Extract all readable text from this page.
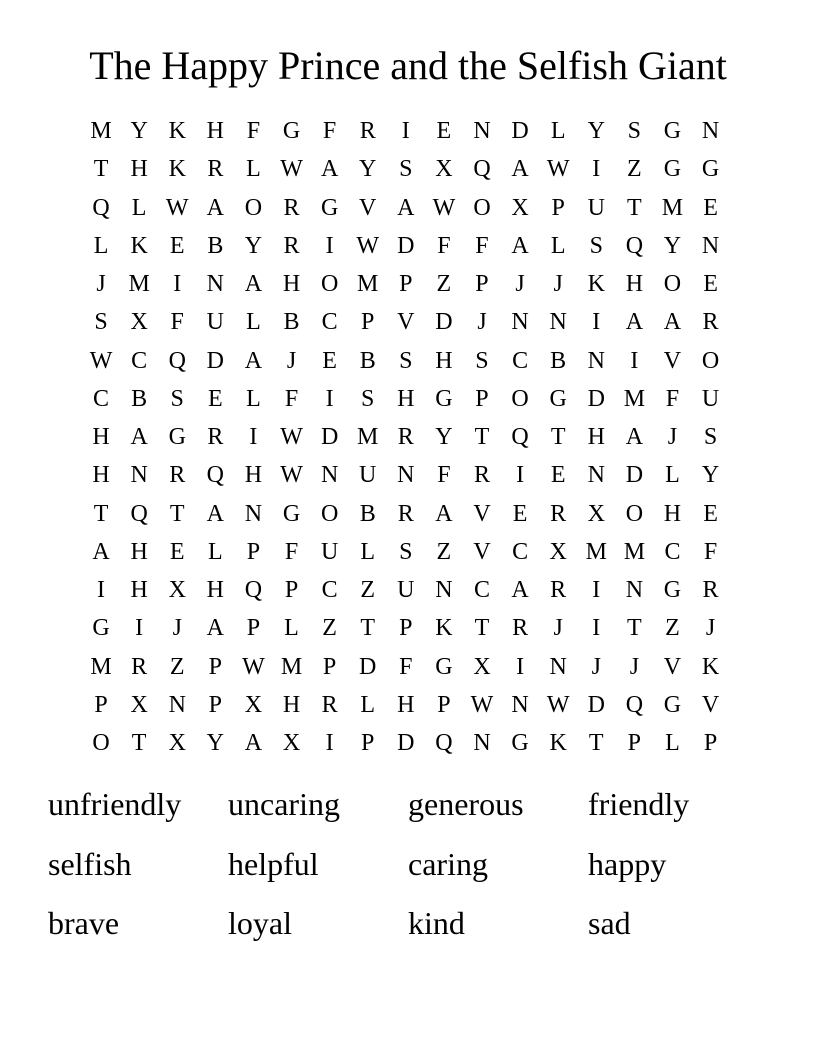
The Happy Prince and the Selfish Giant
M Y K H F G F R	I	E N D L Y S G N
T H K R L W A Y S X Q A W I	Z G G
Q L W A O R G V A W O X P U T M E
L K E B Y R	I W D F	F A L	S Q Y N
J M I	N A H O M P	Z	P	J	J	K H O E
S X F U L B C P V D	J	N N	I	A A R
W C Q D A	J	E B S H S C B N	I	V O
C B S	E L	F	I	S H G P O G D M F U
H A G R	I W D M R Y T Q T H A	J	S
H N R Q H W N U N F R	I	E N D L Y
T Q T A N G O B R A V E R X O H E
A H E L	P	F U L	S	Z V C X M M C F
I	H X H Q P C Z U N C A R	I	N G R
G	I	J	A P	L Z T	P K T R	J	I	T Z	J
M R Z	P W M P D F G X	I	N	J	J	V K
P X N P X H R L H P W N W D Q G V
O T X Y A X	I	P D Q N G K T	P	L	P
unfriendly	uncaring	generous	friendly
selfish	helpful	caring	happy
brave	loyal	kind	sad
